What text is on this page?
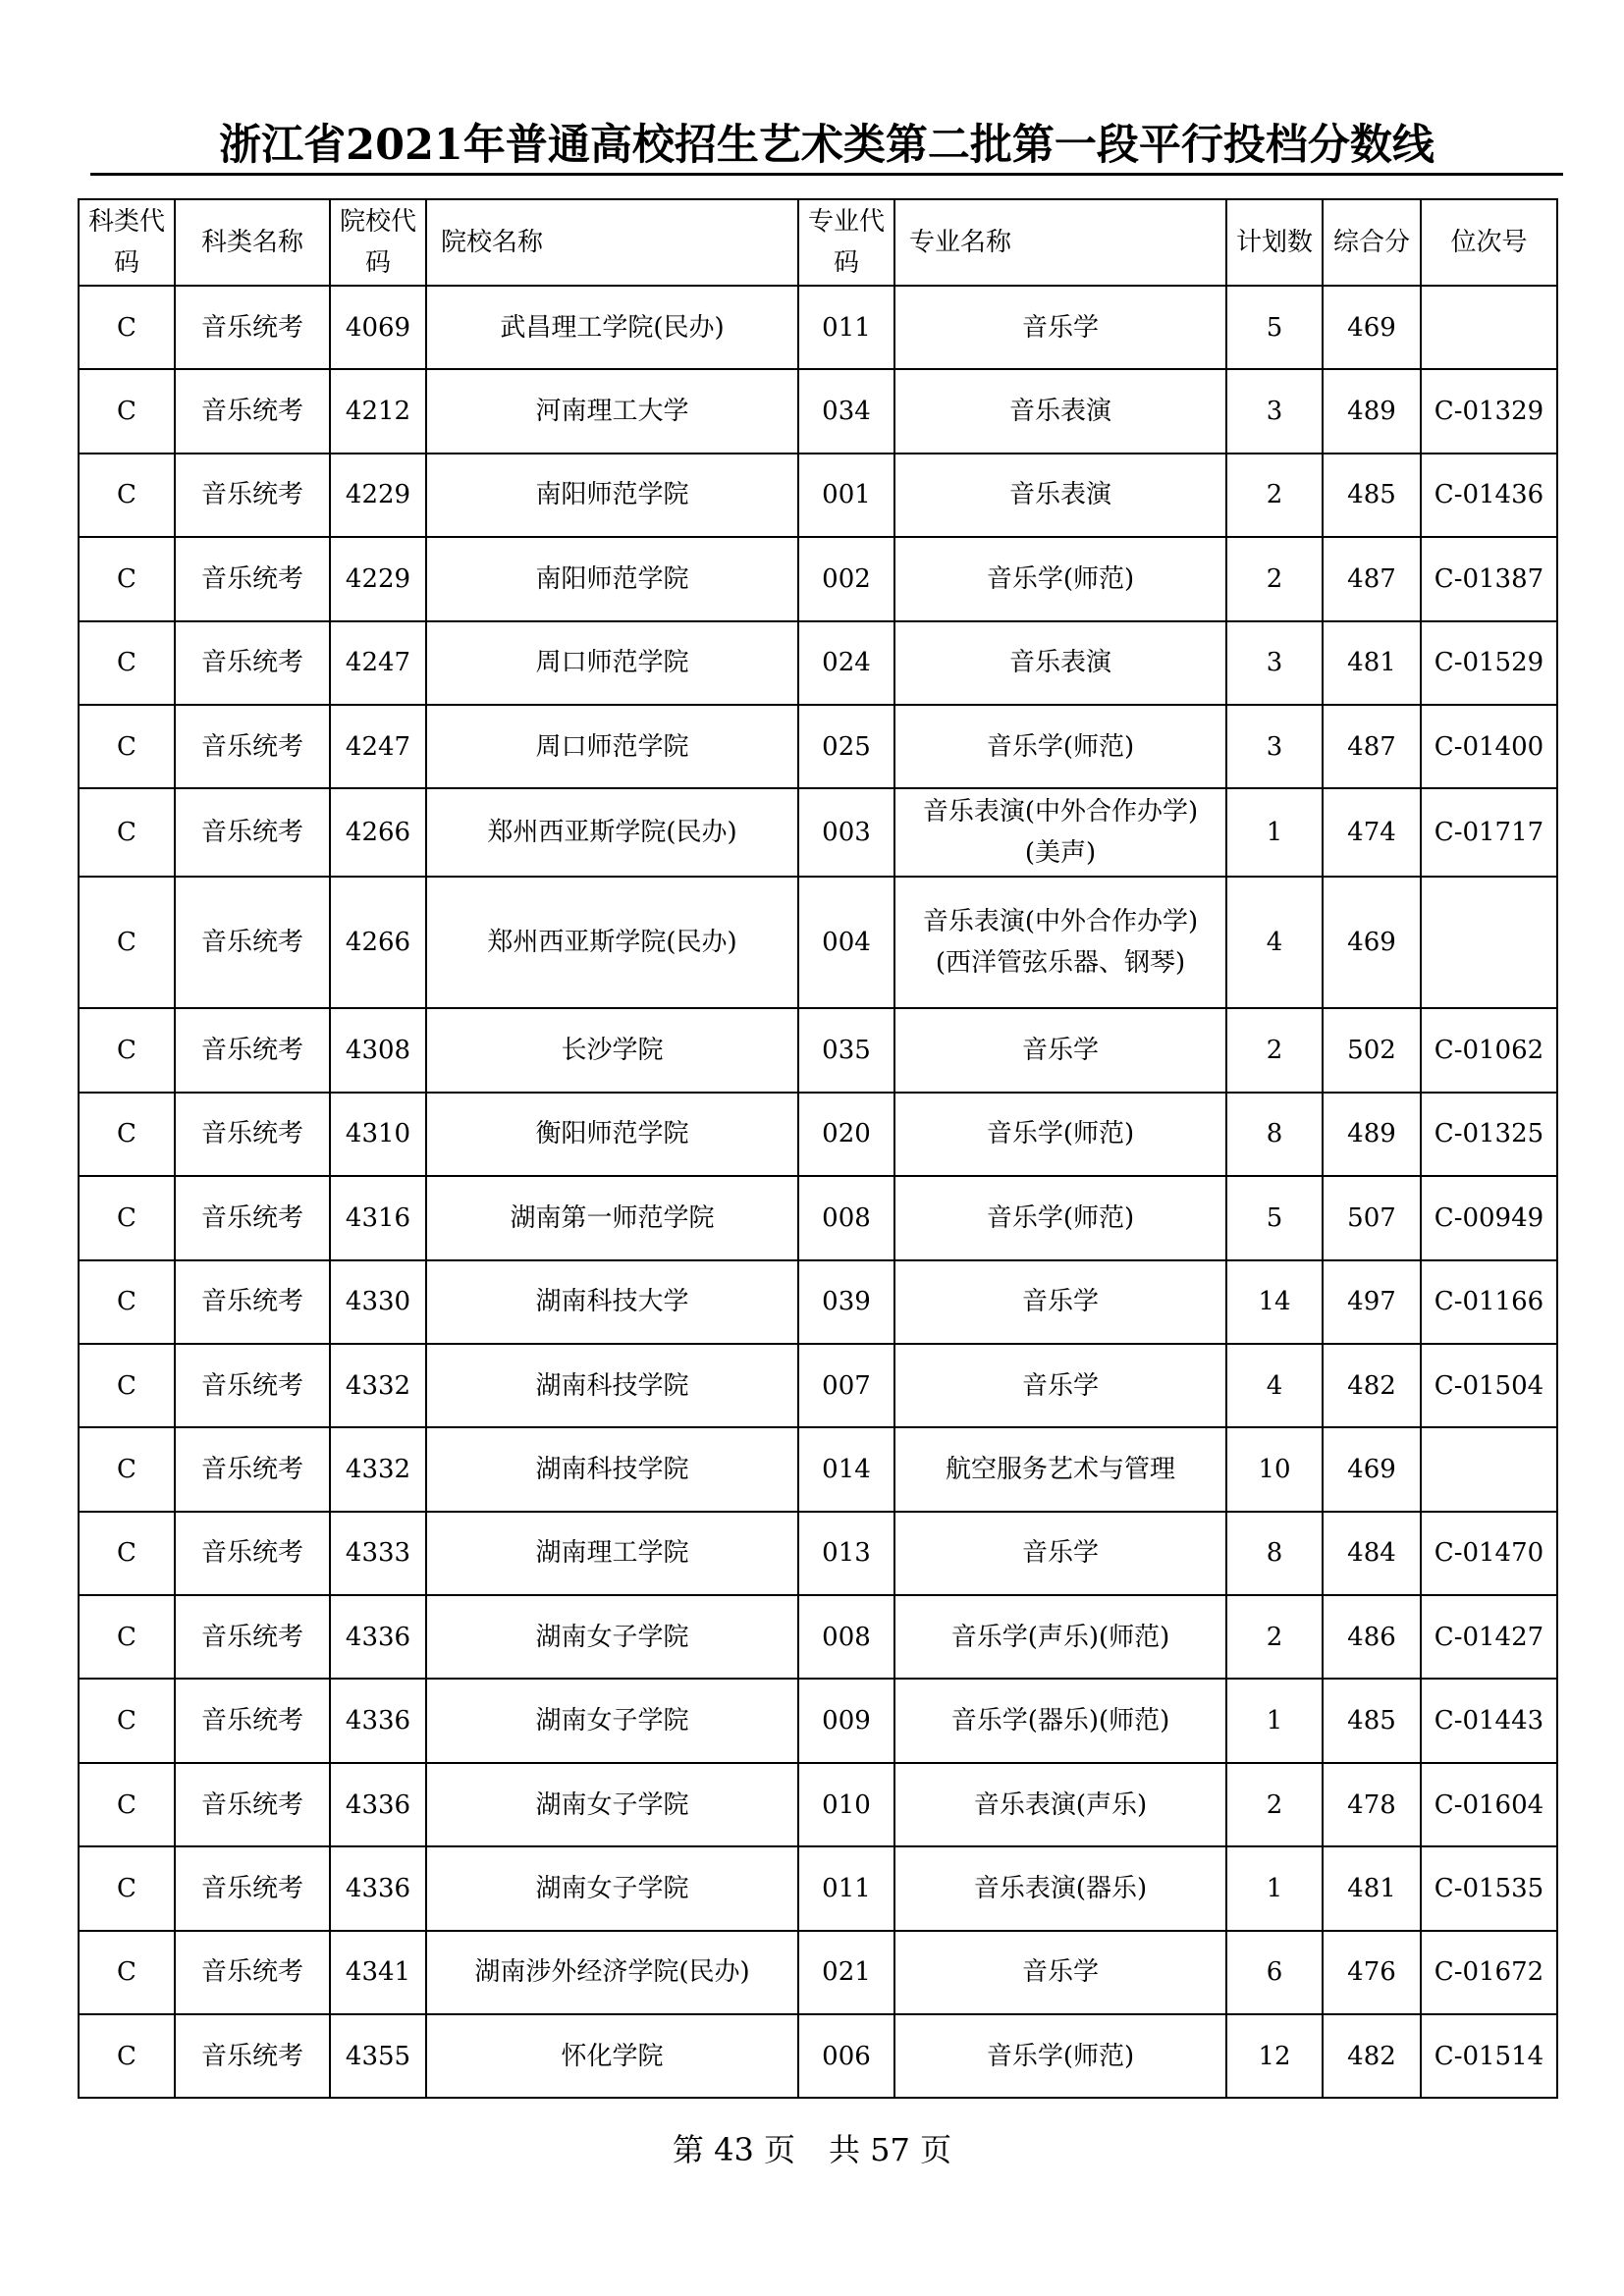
浙江省2021年普通高校招生艺术类第二批第一段平行投档分数线
科类代码	科类名称	院校代码	院校名称	专业代码	专业名称	计划数	综合分	位次号
C	音乐统考	4069	武昌理工学院(民办)	011	音乐学	5	469	
C	音乐统考	4212	河南理工大学	034	音乐表演	3	489	C-01329
C	音乐统考	4229	南阳师范学院	001	音乐表演	2	485	C-01436
C	音乐统考	4229	南阳师范学院	002	音乐学(师范)	2	487	C-01387
C	音乐统考	4247	周口师范学院	024	音乐表演	3	481	C-01529
C	音乐统考	4247	周口师范学院	025	音乐学(师范)	3	487	C-01400
C	音乐统考	4266	郑州西亚斯学院(民办)	003	音乐表演(中外合作办学)(美声)	1	474	C-01717
C	音乐统考	4266	郑州西亚斯学院(民办)	004	音乐表演(中外合作办学)(西洋管弦乐器、钢琴)	4	469	
C	音乐统考	4308	长沙学院	035	音乐学	2	502	C-01062
C	音乐统考	4310	衡阳师范学院	020	音乐学(师范)	8	489	C-01325
C	音乐统考	4316	湖南第一师范学院	008	音乐学(师范)	5	507	C-00949
C	音乐统考	4330	湖南科技大学	039	音乐学	14	497	C-01166
C	音乐统考	4332	湖南科技学院	007	音乐学	4	482	C-01504
C	音乐统考	4332	湖南科技学院	014	航空服务艺术与管理	10	469	
C	音乐统考	4333	湖南理工学院	013	音乐学	8	484	C-01470
C	音乐统考	4336	湖南女子学院	008	音乐学(声乐)(师范)	2	486	C-01427
C	音乐统考	4336	湖南女子学院	009	音乐学(器乐)(师范)	1	485	C-01443
C	音乐统考	4336	湖南女子学院	010	音乐表演(声乐)	2	478	C-01604
C	音乐统考	4336	湖南女子学院	011	音乐表演(器乐)	1	481	C-01535
C	音乐统考	4341	湖南涉外经济学院(民办)	021	音乐学	6	476	C-01672
C	音乐统考	4355	怀化学院	006	音乐学(师范)	12	482	C-01514
第 43 页 共 57 页
